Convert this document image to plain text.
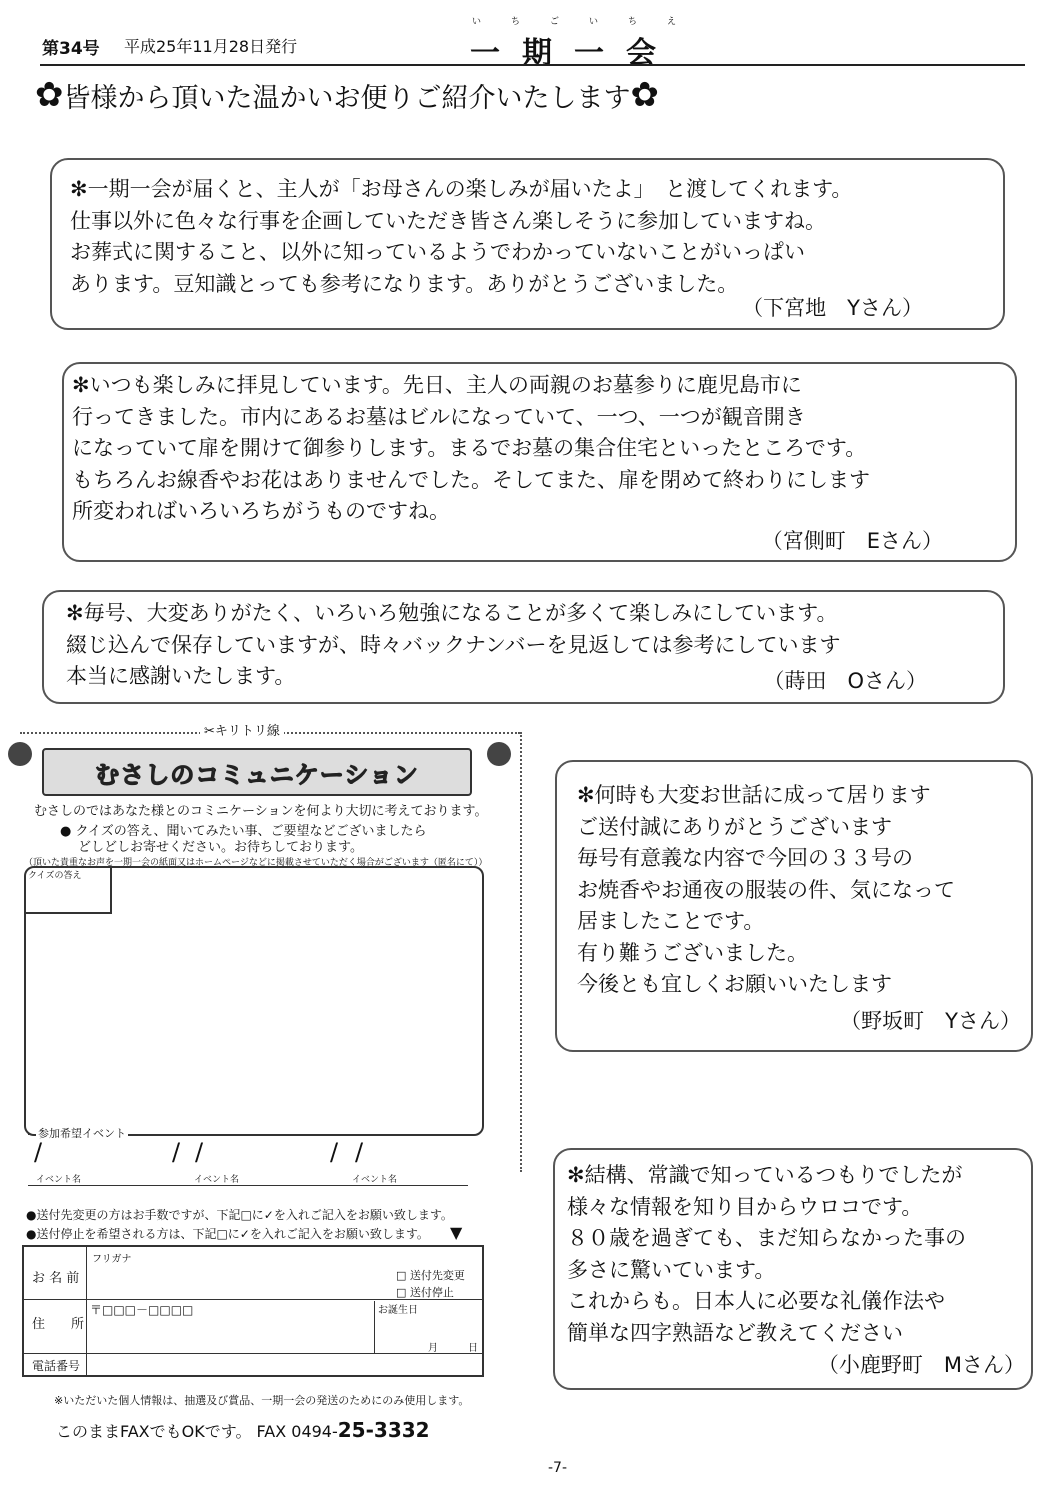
第34号 平成25年11月28日発行
いちごいちえ
一期一会
✿ 皆様から頂いた温かいお便りご紹介いたします ✿
✻一期一会が届くと、主人が「お母さんの楽しみが届いたよ」　と渡してくれます。
仕事以外に色々な行事を企画していただき皆さん楽しそうに参加していますね。
お葬式に関すること、以外に知っているようでわかっていないことがいっぱい
あります。豆知識とっても参考になります。ありがとうございました。
（下宮地　Yさん）
✻いつも楽しみに拝見しています。先日、主人の両親のお墓参りに鹿児島市に
行ってきました。市内にあるお墓はビルになっていて、一つ、一つが観音開き
になっていて扉を開けて御参りします。まるでお墓の集合住宅といったところです。
もちろんお線香やお花はありませんでした。そしてまた、扉を閉めて終わりにします
所変わればいろいろちがうものですね。
（宮側町　Eさん）
✻毎号、大変ありがたく、いろいろ勉強になることが多くて楽しみにしています。
綴じ込んで保存していますが、時々バックナンバーを見返しては参考にしています
本当に感謝いたします。	（蒔田　Oさん）
✻何時も大変お世話に成って居ります
ご送付誠にありがとうございます
毎号有意義な内容で今回の３３号の
お焼香やお通夜の服装の件、気になって
居ましたことです。
有り難うございました。
今後とも宜しくお願いいたします
（野坂町　Yさん）
✻結構、常識で知っているつもりでしたが
様々な情報を知り目からウロコです。
８０歳を過ぎても、まだ知らなかった事の
多さに驚いています。
これからも。日本人に必要な礼儀作法や
簡単な四字熟語など教えてください
（小鹿野町　Mさん）
✂キリトリ線
むさしのコミュニケーション
むさしのではあなた様とのコミニケーションを何より大切に考えております。
● クイズの答え、聞いてみたい事、ご要望などございましたら
どしどしお寄せください。お待ちしております。
（頂いた貴重なお声を一期一会の紙面又はホームページなどに掲載させていただく場合がございます（匿名にて））
クイズの答え
参加希望イベント
/	/ /	/ /
イベント名	イベント名	イベント名
●送付先変更の方はお手数ですが、下記□に✓を入れご記入をお願い致します。
●送付停止を希望される方は、下記□に✓を入れご記入をお願い致します。 ▼
フリガナ
お 名 前	□ 送付先変更
□ 送付停止
〒□□□－□□□□
住　　所
お誕生日
月	日
電話番号
※いただいた個人情報は、抽選及び賞品、一期一会の発送のためにのみ使用します。
このままFAXでもOKです。 FAX 0494-25-3332
-7-
